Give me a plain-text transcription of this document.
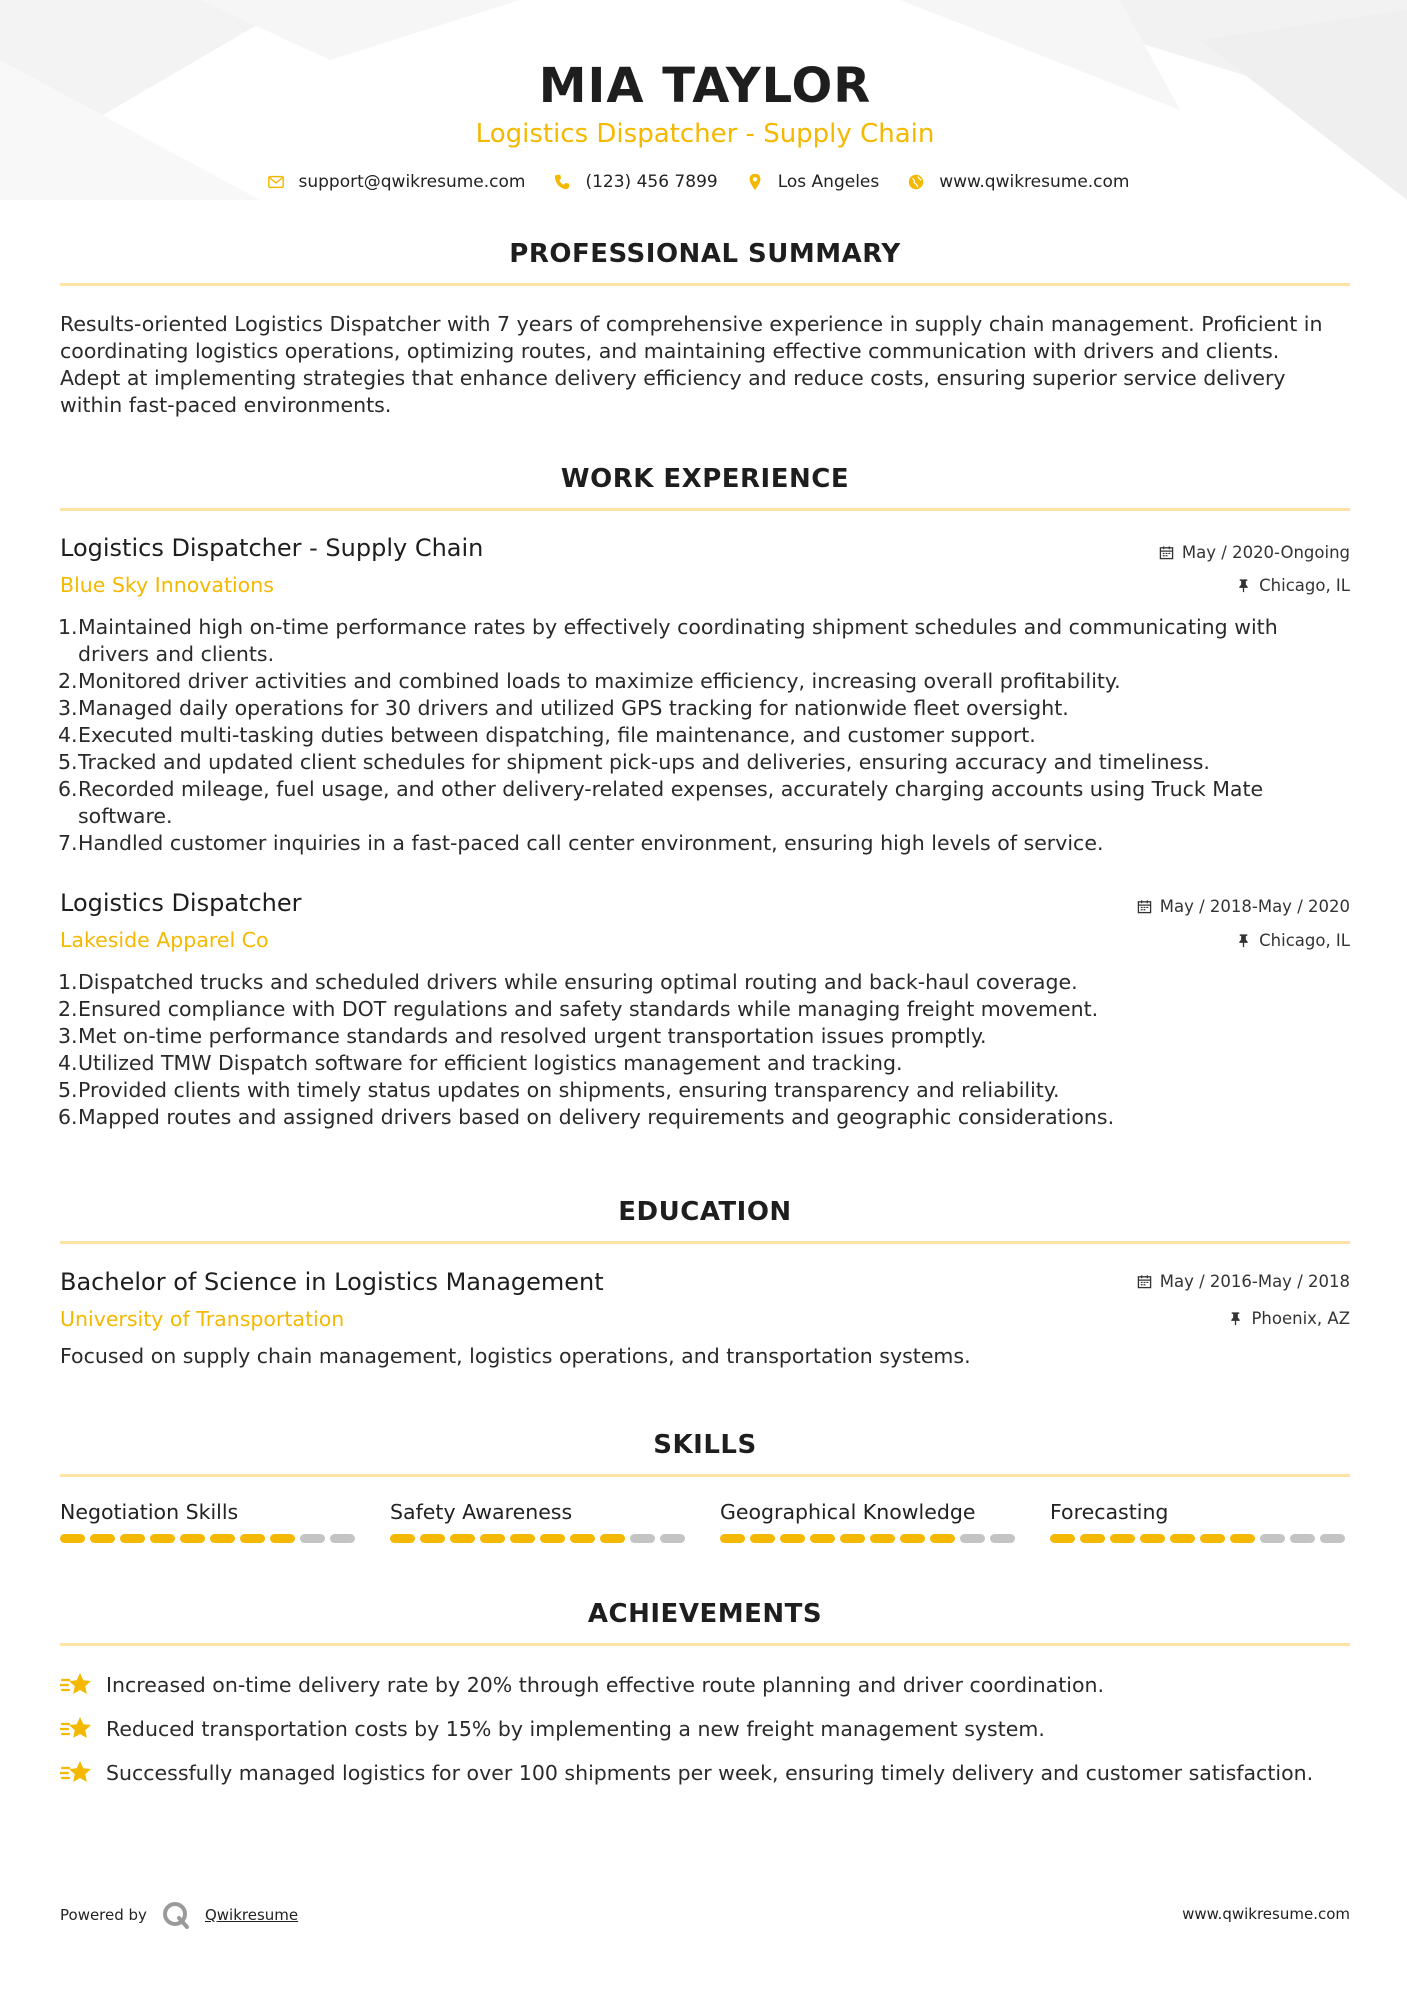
MIA TAYLOR
Logistics Dispatcher - Supply Chain
support@qwikresume.com	(123) 456 7899	Los Angeles	www.qwikresume.com
PROFESSIONAL SUMMARY
Results-oriented Logistics Dispatcher with 7 years of comprehensive experience in supply chain management. Proficient in
coordinating logistics operations, optimizing routes, and maintaining effective communication with drivers and clients.
Adept at implementing strategies that enhance delivery efficiency and reduce costs, ensuring superior service delivery
within fast-paced environments.
WORK EXPERIENCE
Logistics Dispatcher - Supply Chain	May / 2020-Ongoing
Blue Sky Innovations	Chicago, IL
1. Maintained high on-time performance rates by effectively coordinating shipment schedules and communicating with
drivers and clients.
2. Monitored driver activities and combined loads to maximize efficiency, increasing overall profitability.
3. Managed daily operations for 30 drivers and utilized GPS tracking for nationwide fleet oversight.
4. Executed multi-tasking duties between dispatching, file maintenance, and customer support.
5. Tracked and updated client schedules for shipment pick-ups and deliveries, ensuring accuracy and timeliness.
6. Recorded mileage, fuel usage, and other delivery-related expenses, accurately charging accounts using Truck Mate
software.
7. Handled customer inquiries in a fast-paced call center environment, ensuring high levels of service.
Logistics Dispatcher	May / 2018-May / 2020
Lakeside Apparel Co	Chicago, IL
1. Dispatched trucks and scheduled drivers while ensuring optimal routing and back-haul coverage.
2. Ensured compliance with DOT regulations and safety standards while managing freight movement.
3. Met on-time performance standards and resolved urgent transportation issues promptly.
4. Utilized TMW Dispatch software for efficient logistics management and tracking.
5. Provided clients with timely status updates on shipments, ensuring transparency and reliability.
6. Mapped routes and assigned drivers based on delivery requirements and geographic considerations.
EDUCATION
Bachelor of Science in Logistics Management	May / 2016-May / 2018
University of Transportation	Phoenix, AZ
Focused on supply chain management, logistics operations, and transportation systems.
SKILLS
Negotiation Skills	Safety Awareness	Geographical Knowledge	Forecasting
ACHIEVEMENTS
Increased on-time delivery rate by 20% through effective route planning and driver coordination.
Reduced transportation costs by 15% by implementing a new freight management system.
Successfully managed logistics for over 100 shipments per week, ensuring timely delivery and customer satisfaction.
Powered by	Qwikresume	www.qwikresume.com
